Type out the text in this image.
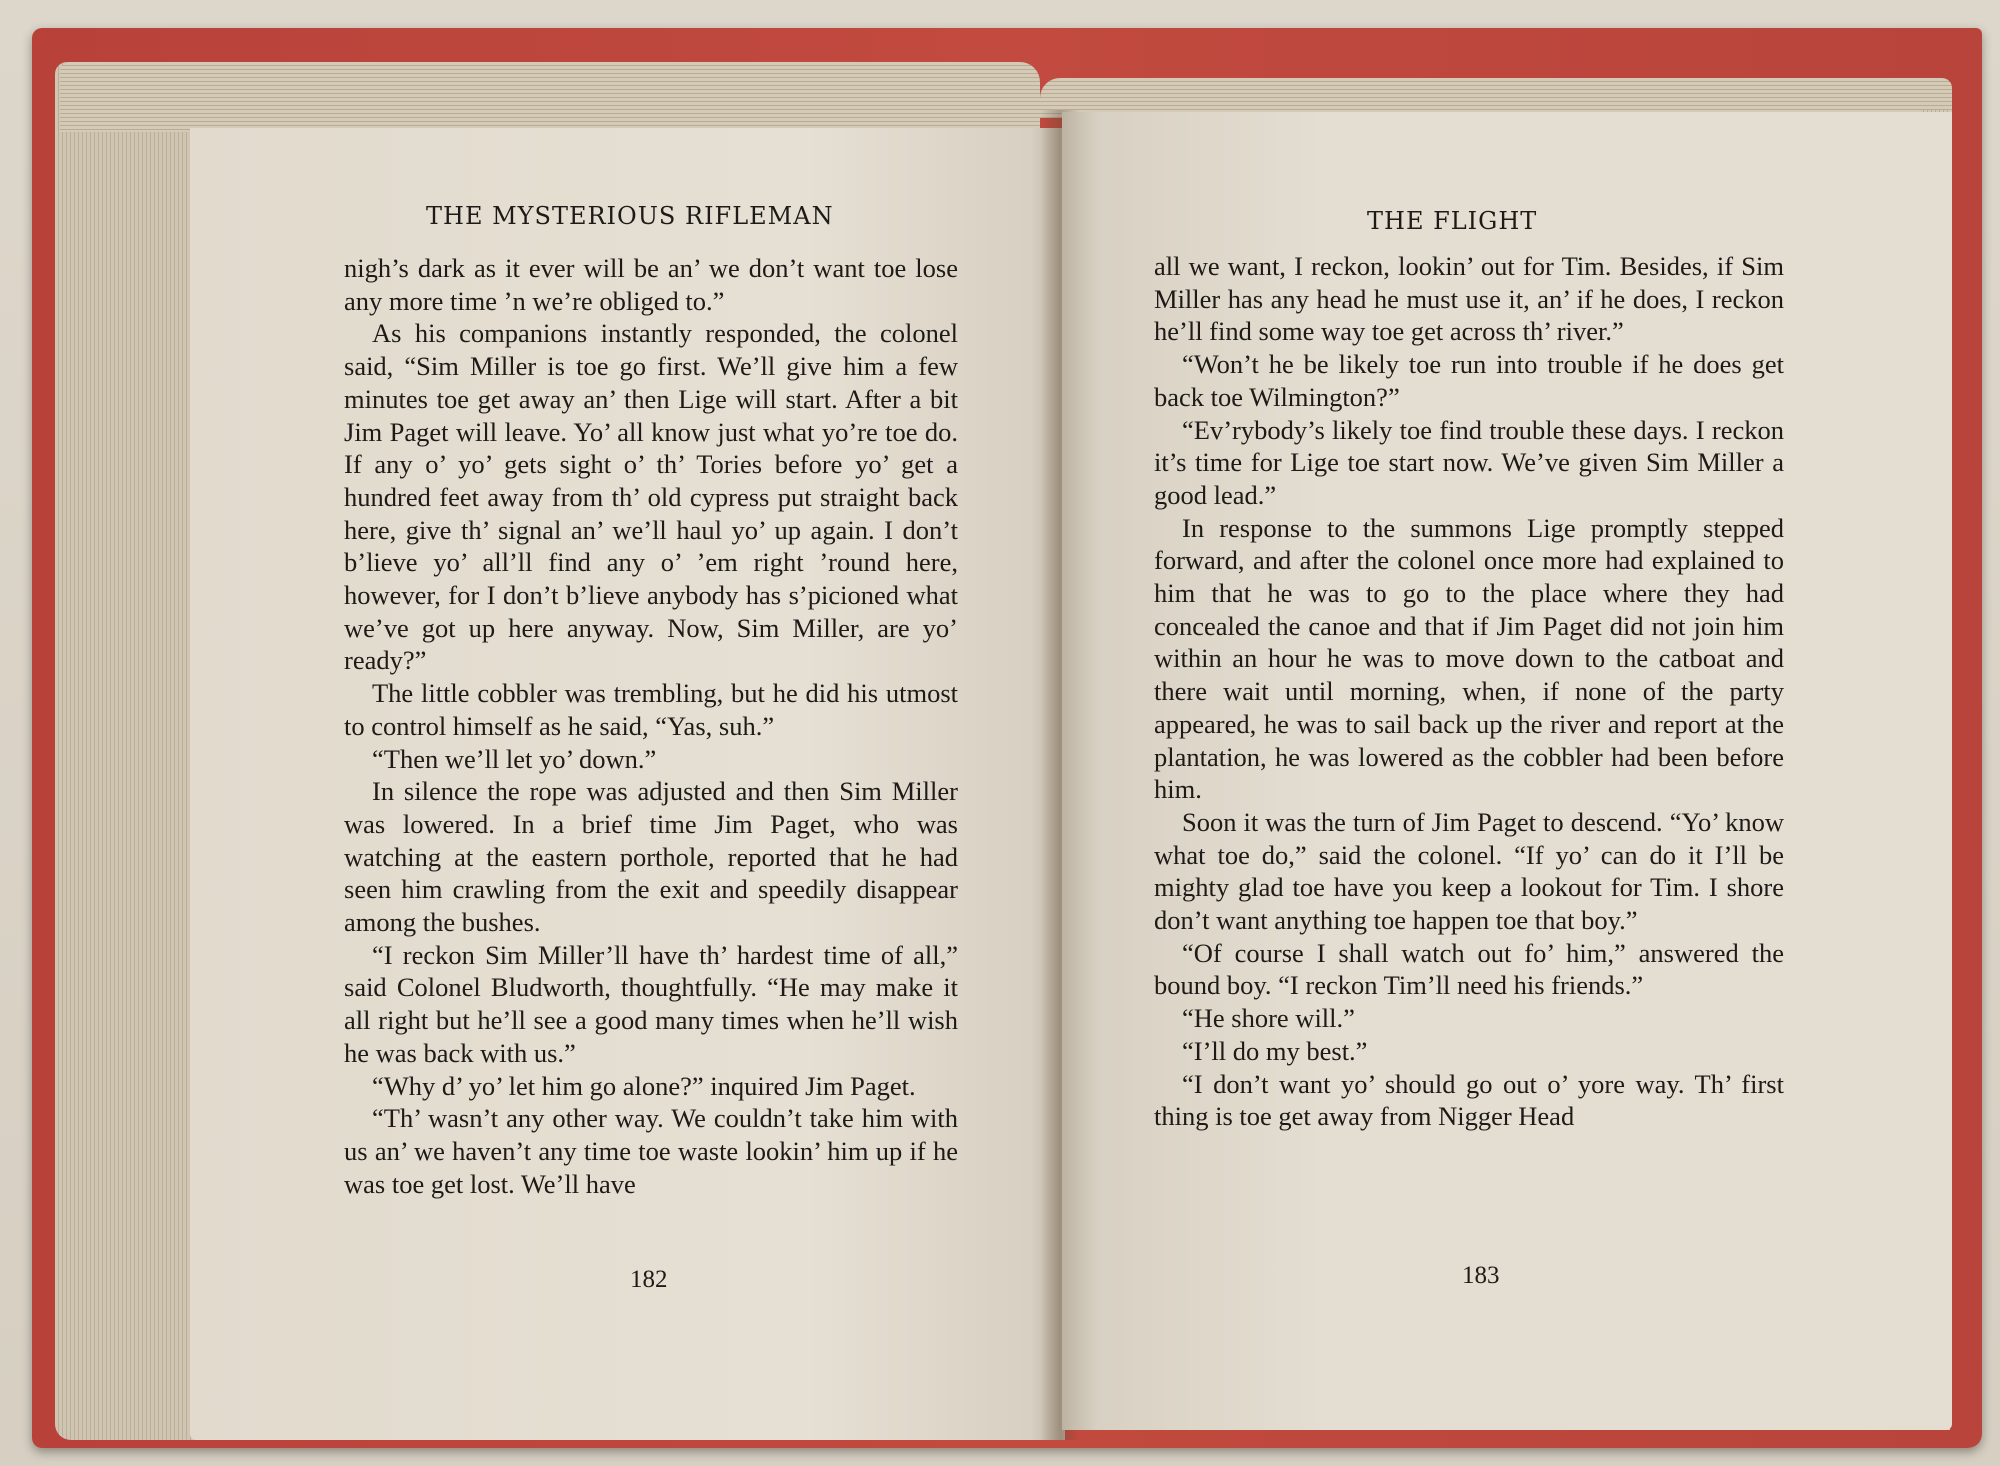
THE MYSTERIOUS RIFLEMAN

nigh’s dark as it ever will be an’ we don’t want toe lose any more time ’n we’re obliged to.”

As his companions instantly responded, the colonel said, “Sim Miller is toe go first. We’ll give him a few minutes toe get away an’ then Lige will start. After a bit Jim Paget will leave. Yo’ all know just what yo’re toe do. If any o’ yo’ gets sight o’ th’ Tories before yo’ get a hundred feet away from th’ old cypress put straight back here, give th’ signal an’ we’ll haul yo’ up again. I don’t b’lieve yo’ all’ll find any o’ ’em right ’round here, however, for I don’t b’lieve anybody has s’picioned what we’ve got up here anyway. Now, Sim Miller, are yo’ ready?”

The little cobbler was trembling, but he did his utmost to control himself as he said, “Yas, suh.”

“Then we’ll let yo’ down.”

In silence the rope was adjusted and then Sim Miller was lowered. In a brief time Jim Paget, who was watching at the eastern porthole, reported that he had seen him crawling from the exit and speedily disappear among the bushes.

“I reckon Sim Miller’ll have th’ hardest time of all,” said Colonel Bludworth, thoughtfully. “He may make it all right but he’ll see a good many times when he’ll wish he was back with us.”

“Why d’ yo’ let him go alone?” inquired Jim Paget.

“Th’ wasn’t any other way. We couldn’t take him with us an’ we haven’t any time toe waste lookin’ him up if he was toe get lost. We’ll have

182
THE FLIGHT

all we want, I reckon, lookin’ out for Tim. Besides, if Sim Miller has any head he must use it, an’ if he does, I reckon he’ll find some way toe get across th’ river.”

“Won’t he be likely toe run into trouble if he does get back toe Wilmington?”

“Ev’rybody’s likely toe find trouble these days. I reckon it’s time for Lige toe start now. We’ve given Sim Miller a good lead.”

In response to the summons Lige promptly stepped forward, and after the colonel once more had explained to him that he was to go to the place where they had concealed the canoe and that if Jim Paget did not join him within an hour he was to move down to the catboat and there wait until morning, when, if none of the party appeared, he was to sail back up the river and report at the plantation, he was lowered as the cobbler had been before him.

Soon it was the turn of Jim Paget to descend. “Yo’ know what toe do,” said the colonel. “If yo’ can do it I’ll be mighty glad toe have you keep a lookout for Tim. I shore don’t want anything toe happen toe that boy.”

“Of course I shall watch out fo’ him,” answered the bound boy. “I reckon Tim’ll need his friends.”

“He shore will.”

“I’ll do my best.”

“I don’t want yo’ should go out o’ yore way. Th’ first thing is toe get away from Nigger Head

183
